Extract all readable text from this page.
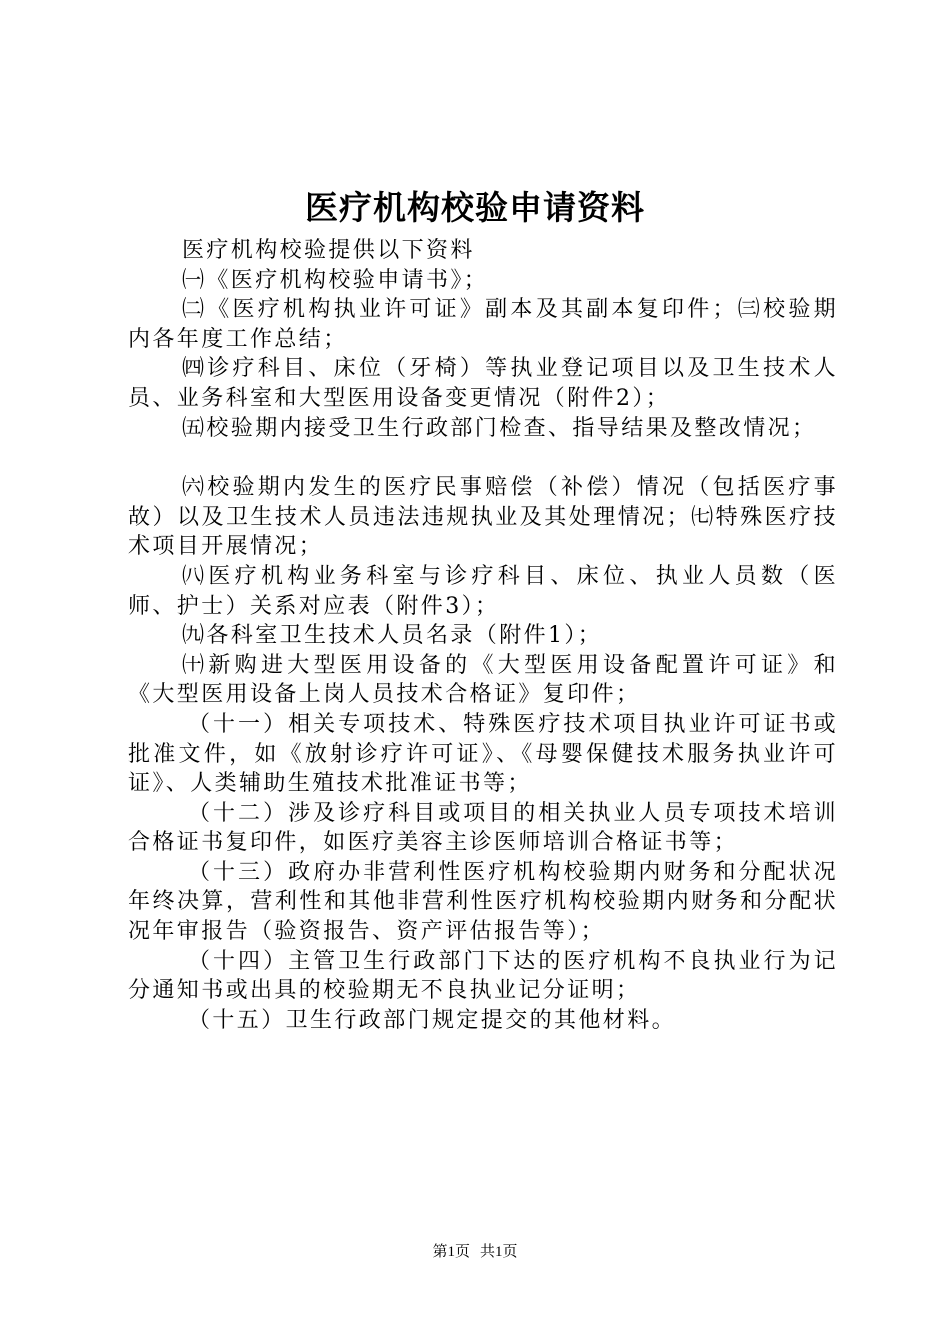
医疗机构校验申请资料

医疗机构校验提供以下资料

㈠《医疗机构校验申请书》；

㈡《医疗机构执业许可证》副本及其副本复印件；㈢校验期内各年度工作总结；

㈣诊疗科目、床位（牙椅）等执业登记项目以及卫生技术人员、业务科室和大型医用设备变更情况（附件2）；

㈤校验期内接受卫生行政部门检查、指导结果及整改情况；

㈥校验期内发生的医疗民事赔偿（补偿）情况（包括医疗事故）以及卫生技术人员违法违规执业及其处理情况；㈦特殊医疗技术项目开展情况；

㈧医疗机构业务科室与诊疗科目、床位、执业人员数（医师、护士）关系对应表（附件3）；

㈨各科室卫生技术人员名录（附件1）；

㈩新购进大型医用设备的《大型医用设备配置许可证》和《大型医用设备上岗人员技术合格证》复印件；

（十一）相关专项技术、特殊医疗技术项目执业许可证书或批准文件，如《放射诊疗许可证》、《母婴保健技术服务执业许可证》、人类辅助生殖技术批准证书等；

（十二）涉及诊疗科目或项目的相关执业人员专项技术培训合格证书复印件，如医疗美容主诊医师培训合格证书等；

（十三）政府办非营利性医疗机构校验期内财务和分配状况年终决算，营利性和其他非营利性医疗机构校验期内财务和分配状况年审报告（验资报告、资产评估报告等）；

（十四）主管卫生行政部门下达的医疗机构不良执业行为记分通知书或出具的校验期无不良执业记分证明；

（十五）卫生行政部门规定提交的其他材料。

第1页 共1页
